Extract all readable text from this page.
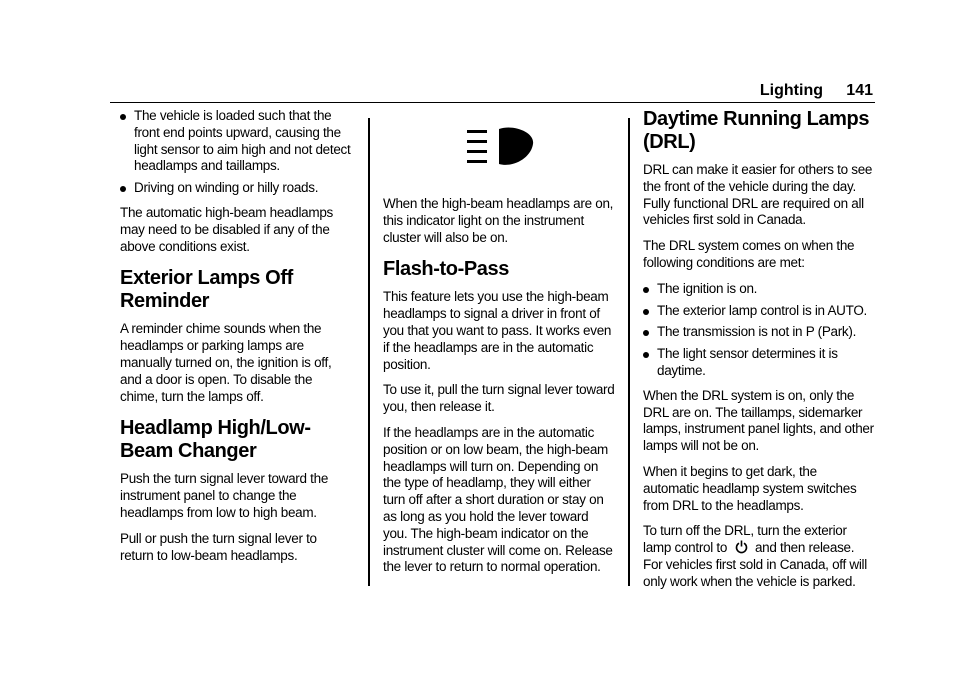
Lighting 141
The vehicle is loaded such that the front end points upward, causing the light sensor to aim high and not detect headlamps and taillamps.
Driving on winding or hilly roads.

The automatic high-beam headlamps may need to be disabled if any of the above conditions exist.

Exterior Lamps Off Reminder

A reminder chime sounds when the headlamps or parking lamps are manually turned on, the ignition is off, and a door is open. To disable the chime, turn the lamps off.

Headlamp High/Low-Beam Changer

Push the turn signal lever toward the instrument panel to change the headlamps from low to high beam.

Pull or push the turn signal lever to return to low-beam headlamps.

When the high-beam headlamps are on, this indicator light on the instrument cluster will also be on.

Flash-to-Pass

This feature lets you use the high-beam headlamps to signal a driver in front of you that you want to pass. It works even if the headlamps are in the automatic position.

To use it, pull the turn signal lever toward you, then release it.

If the headlamps are in the automatic position or on low beam, the high-beam headlamps will turn on. Depending on the type of headlamp, they will either turn off after a short duration or stay on as long as you hold the lever toward you. The high-beam indicator on the instrument cluster will come on. Release the lever to return to normal operation.

Daytime Running Lamps (DRL)

DRL can make it easier for others to see the front of the vehicle during the day. Fully functional DRL are required on all vehicles first sold in Canada.

The DRL system comes on when the following conditions are met:

The ignition is on.
The exterior lamp control is in AUTO.
The transmission is not in P (Park).
The light sensor determines it is daytime.

When the DRL system is on, only the DRL are on. The taillamps, sidemarker lamps, instrument panel lights, and other lamps will not be on.

When it begins to get dark, the automatic headlamp system switches from DRL to the headlamps.

To turn off the DRL, turn the exterior lamp control to and then release. For vehicles first sold in Canada, off will only work when the vehicle is parked.
